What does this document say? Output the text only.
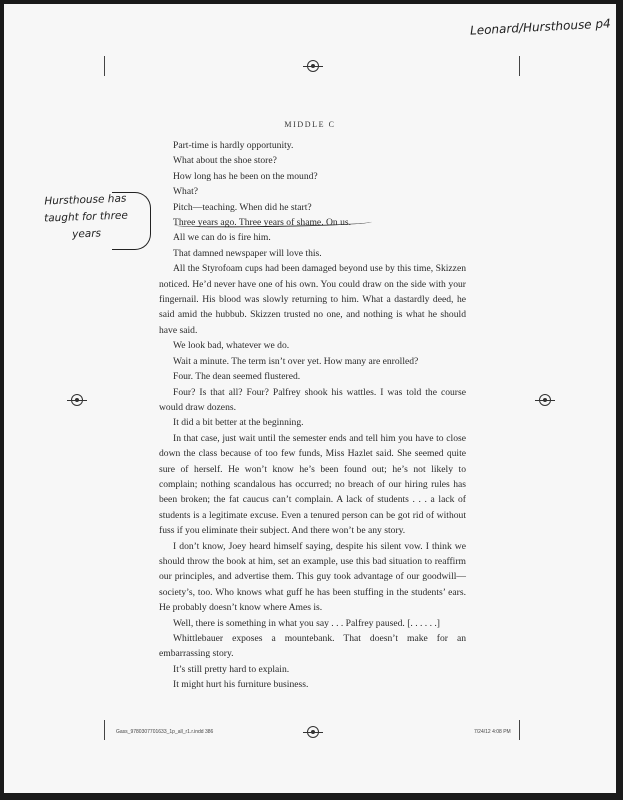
Leonard/Hursthouse p4
MIDDLE C
Hursthouse has
taught for three
years

Part-time is hardly opportunity.

What about the shoe store?

How long has he been on the mound?

What?

Pitch—teaching. When did he start?

Three years ago. Three years of shame. On us.

All we can do is fire him.

That damned newspaper will love this.

All the Styrofoam cups had been damaged beyond use by this time, Skizzen noticed. He’d never have one of his own. You could draw on the side with your fingernail. His blood was slowly returning to him. What a dastardly deed, he said amid the hubbub. Skizzen trusted no one, and nothing is what he should have said.

We look bad, whatever we do.

Wait a minute. The term isn’t over yet. How many are enrolled?

Four. The dean seemed flustered.

Four? Is that all? Four? Palfrey shook his wattles. I was told the course would draw dozens.

It did a bit better at the beginning.

In that case, just wait until the semester ends and tell him you have to close down the class because of too few funds, Miss Hazlet said. She seemed quite sure of herself. He won’t know he’s been found out; he’s not likely to complain; nothing scandalous has occurred; no breach of our hiring rules has been broken; the fat caucus can’t complain. A lack of students . . . a lack of students is a legitimate excuse. Even a tenured person can be got rid of without fuss if you eliminate their subject. And there won’t be any story.

I don’t know, Joey heard himself saying, despite his silent vow. I think we should throw the book at him, set an example, use this bad situation to reaffirm our principles, and advertise them. This guy took advantage of our goodwill—society’s, too. Who knows what guff he has been stuffing in the students’ ears. He probably doesn’t know where Ames is.

Well, there is something in what you say . . . Palfrey paused. [. . . . . .]

Whittlebauer exposes a mountebank. That doesn’t make for an embarrassing story.

It’s still pretty hard to explain.

It might hurt his furniture business.

Gass_9780307701633_1p_all_r1.r.indd 386	7/24/12 4:08 PM
